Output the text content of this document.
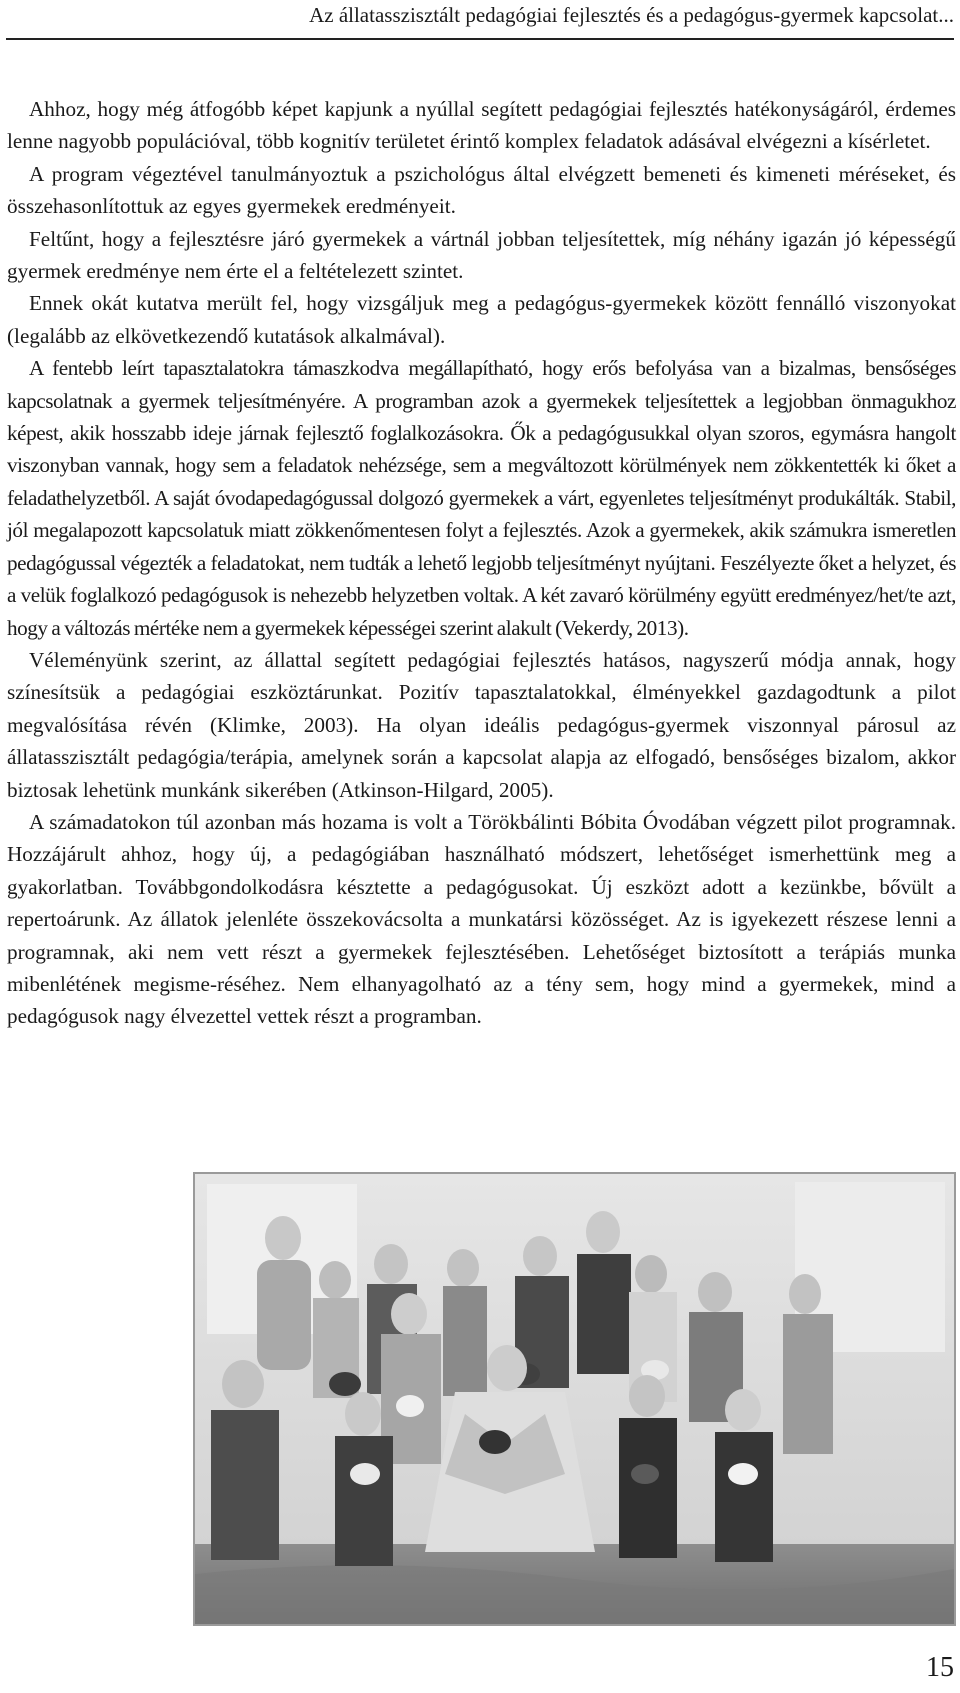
Az állatasszisztált pedagógiai fejlesztés és a pedagógus-gyermek kapcsolat...

Ahhoz, hogy még átfogóbb képet kapjunk a nyúllal segített pedagógiai fejlesztés hatékonyságáról, érdemes lenne nagyobb populációval, több kognitív területet érintő komplex feladatok adásával elvégezni a kísérletet.

A program végeztével tanulmányoztuk a pszichológus által elvégzett bemeneti és kimeneti méréseket, és összehasonlítottuk az egyes gyermekek eredményeit.

Feltűnt, hogy a fejlesztésre járó gyermekek a vártnál jobban teljesítettek, míg néhány igazán jó képességű gyermek eredménye nem érte el a feltételezett szintet.

Ennek okát kutatva merült fel, hogy vizsgáljuk meg a pedagógus-gyermekek között fennálló viszonyokat (legalább az elkövetkezendő kutatások alkalmával).

A fentebb leírt tapasztalatokra támaszkodva megállapítható, hogy erős befolyása van a bizalmas, bensőséges kapcsolatnak a gyermek teljesítményére. A programban azok a gyermekek teljesítettek a legjobban önmagukhoz képest, akik hosszabb ideje járnak fejlesztő foglalkozásokra. Ők a pedagógusukkal olyan szoros, egymásra hangolt viszonyban vannak, hogy sem a feladatok nehézsége, sem a megváltozott körülmények nem zökkentették ki őket a feladathelyzetből. A saját óvodapedagógussal dolgozó gyermekek a várt, egyenletes teljesítményt produkálták. Stabil, jól megalapozott kapcsolatuk miatt zökkenőmentesen folyt a fejlesztés. Azok a gyermekek, akik számukra ismeretlen pedagógussal végezték a feladatokat, nem tudták a lehető legjobb teljesítményt nyújtani. Feszélyezte őket a helyzet, és a velük foglalkozó pedagógusok is nehezebb helyzetben voltak. A két zavaró körülmény együtt eredményez/het/te azt, hogy a változás mértéke nem a gyermekek képességei szerint alakult (Vekerdy, 2013).

Véleményünk szerint, az állattal segített pedagógiai fejlesztés hatásos, nagyszerű módja annak, hogy színesítsük a pedagógiai eszköztárunkat. Pozitív tapasztalatokkal, élményekkel gazdagodtunk a pilot megvalósítása révén (Klimke, 2003). Ha olyan ideális pedagógus-gyermek viszonnyal párosul az állatasszisztált pedagógia/terápia, amelynek során a kapcsolat alapja az elfogadó, bensőséges bizalom, akkor biztosak lehetünk munkánk sikerében (Atkinson-Hilgard, 2005).

A számadatokon túl azonban más hozama is volt a Törökbálinti Bóbita Óvodában végzett pilot programnak. Hozzájárult ahhoz, hogy új, a pedagógiában használható módszert, lehetőséget ismerhettünk meg a gyakorlatban. Továbbgondolkodásra késztette a pedagógusokat. Új eszközt adott a kezünkbe, bővült a repertoárunk. Az állatok jelenléte összekovácsolta a munkatársi közösséget. Az is igyekezett részese lenni a programnak, aki nem vett részt a gyermekek fejlesztésében. Lehetőséget biztosított a terápiás munka mibenlétének megisme-réséhez. Nem elhanyagolható az a tény sem, hogy mind a gyermekek, mind a pedagógusok nagy élvezettel vettek részt a programban.

15
